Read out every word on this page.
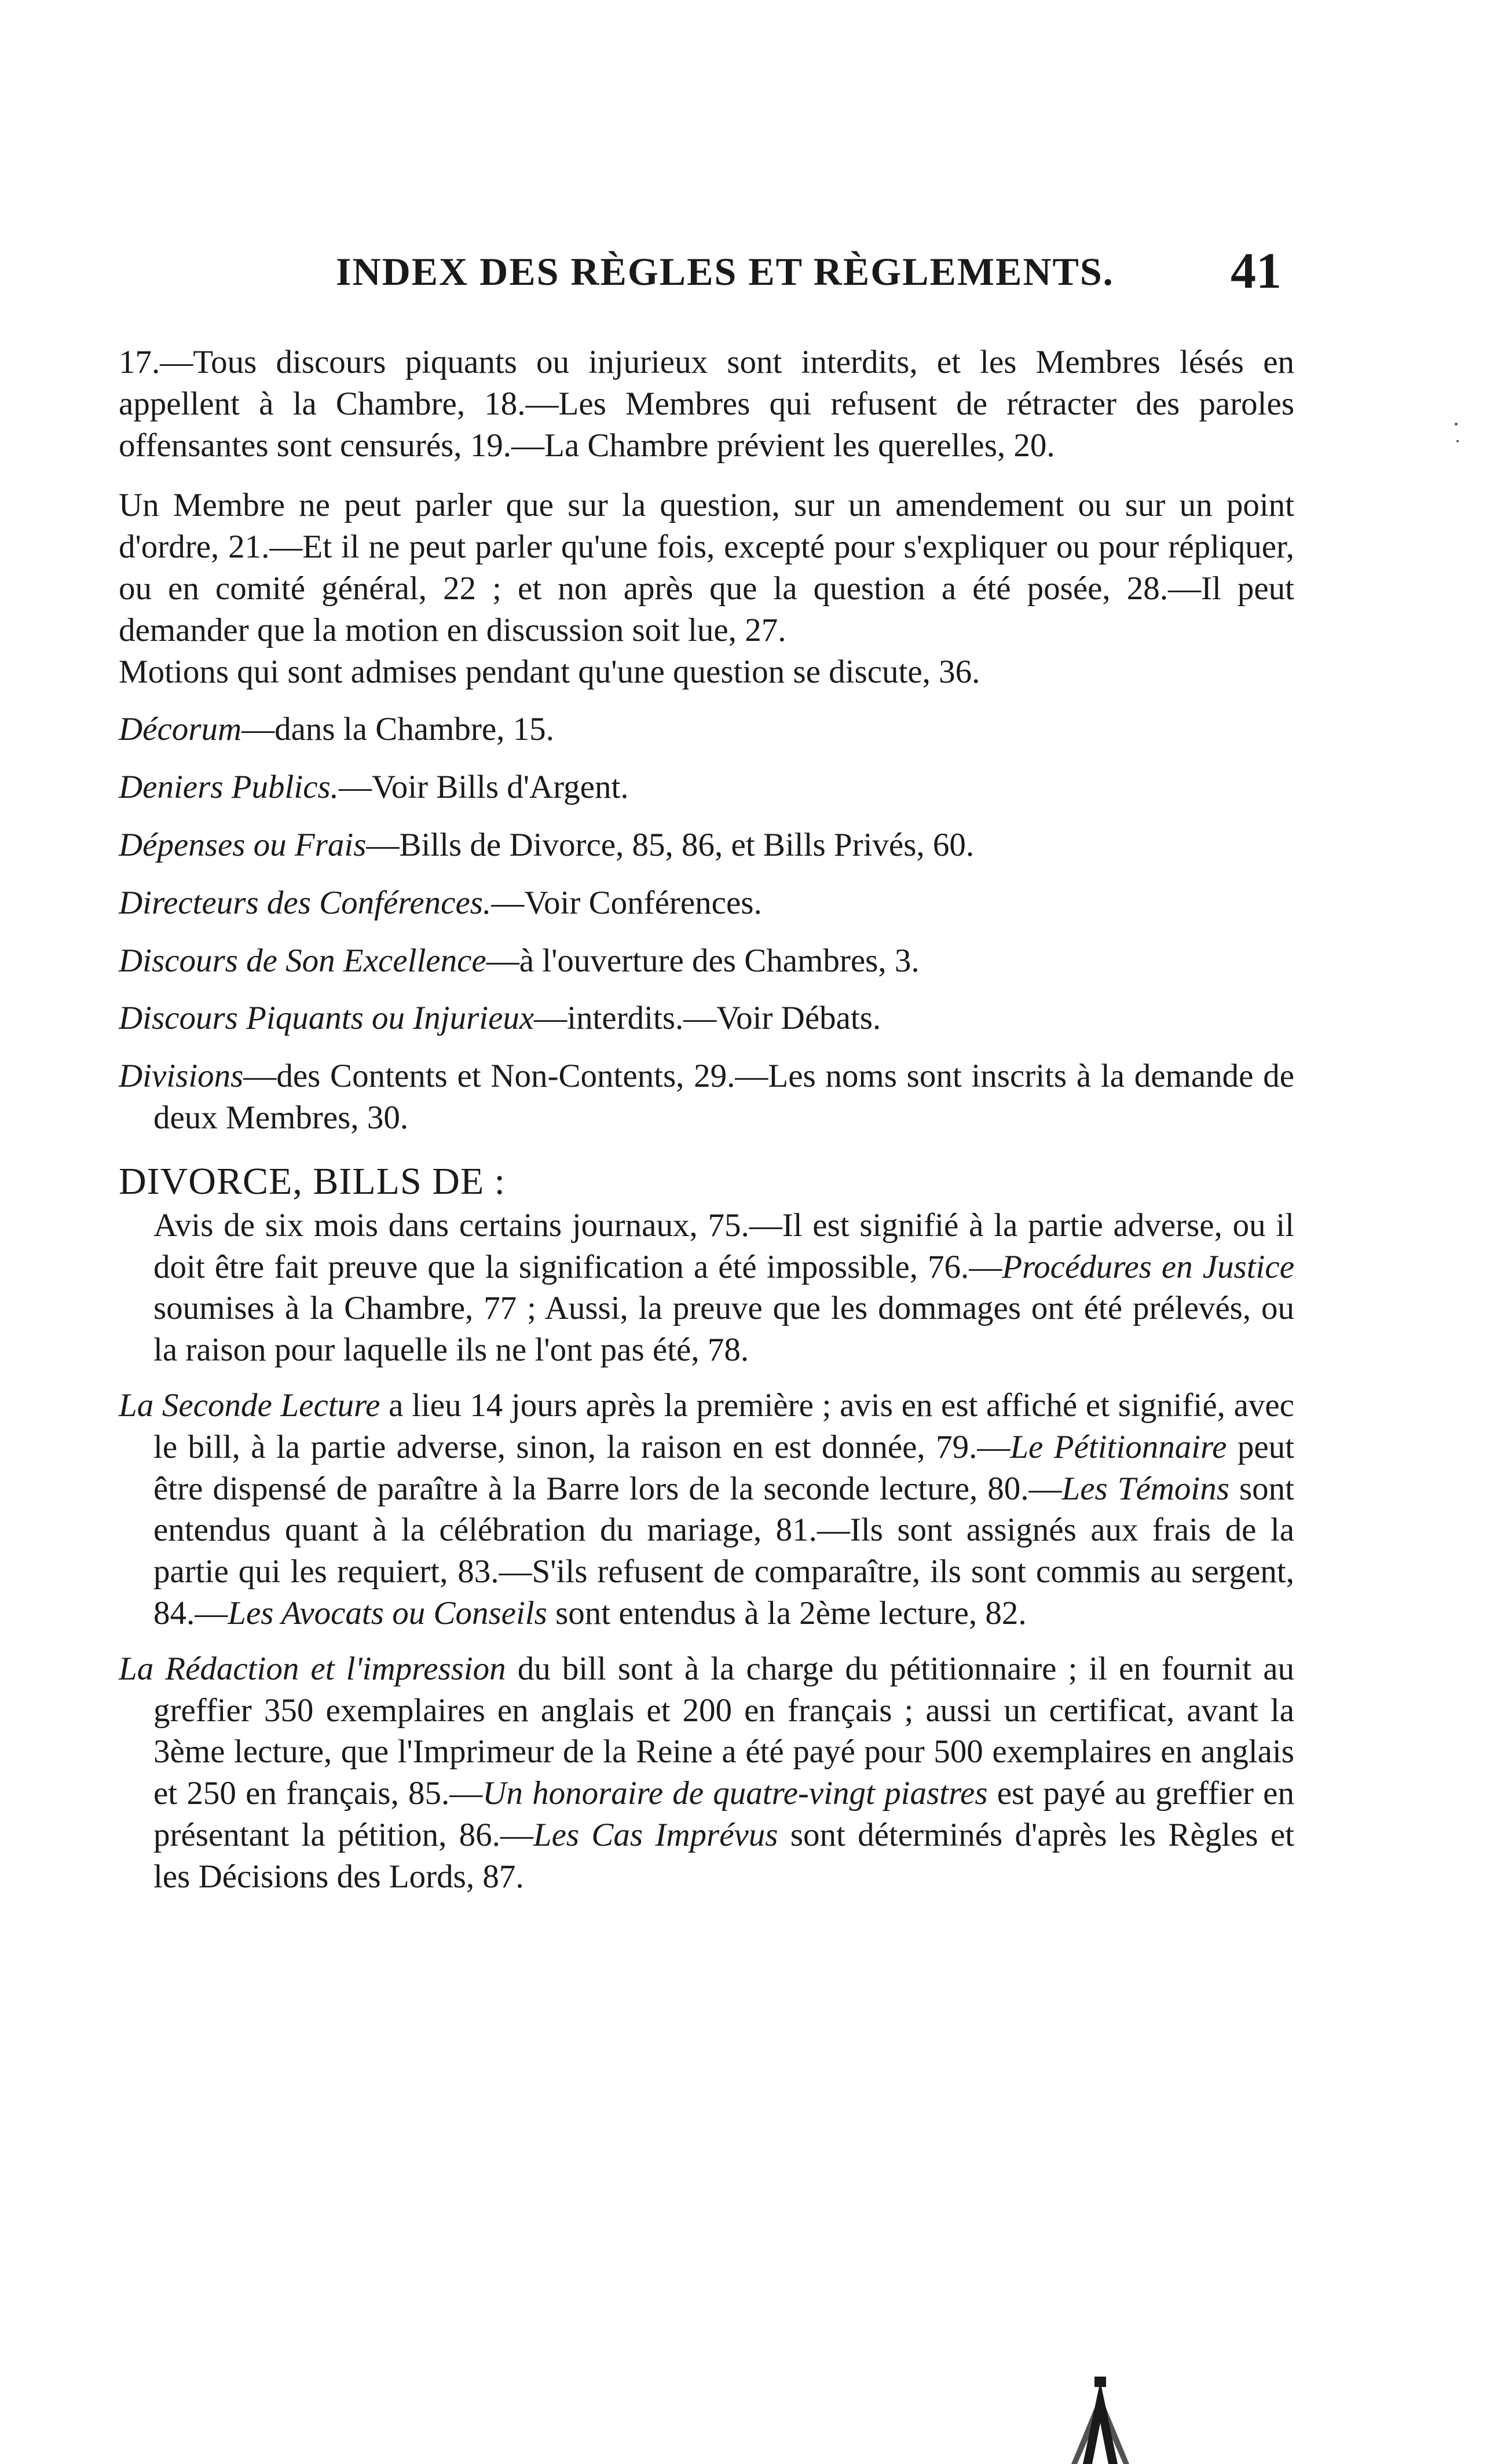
INDEX DES RÈGLES ET RÈGLEMENTS. 41

17.—Tous discours piquants ou injurieux sont interdits, et les Membres lésés en appellent à la Chambre, 18.—Les Membres qui refusent de rétracter des paroles offensantes sont censurés, 19.—La Chambre prévient les querelles, 20.

Un Membre ne peut parler que sur la question, sur un amendement ou sur un point d'ordre, 21.—Et il ne peut parler qu'une fois, excepté pour s'expliquer ou pour répliquer, ou en comité général, 22 ; et non après que la question a été posée, 28.—Il peut demander que la motion en discussion soit lue, 27.

Motions qui sont admises pendant qu'une question se discute, 36.

Décorum—dans la Chambre, 15.
Deniers Publics.—Voir Bills d'Argent.
Dépenses ou Frais—Bills de Divorce, 85, 86, et Bills Privés, 60.
Directeurs des Conférences.—Voir Conférences.
Discours de Son Excellence—à l'ouverture des Chambres, 3.
Discours Piquants ou Injurieux—interdits.—Voir Débats.
Divisions—des Contents et Non-Contents, 29.—Les noms sont inscrits à la demande de deux Membres, 30.
DIVORCE, BILLS DE :

Avis de six mois dans certains journaux, 75.—Il est signifié à la partie adverse, ou il doit être fait preuve que la signification a été impossible, 76.—Procédures en Justice soumises à la Chambre, 77 ; Aussi, la preuve que les dommages ont été prélevés, ou la raison pour laquelle ils ne l'ont pas été, 78.

La Seconde Lecture a lieu 14 jours après la première ; avis en est affiché et signifié, avec le bill, à la partie adverse, sinon, la raison en est donnée, 79.—Le Pétitionnaire peut être dispensé de paraître à la Barre lors de la seconde lecture, 80.—Les Témoins sont entendus quant à la célébration du mariage, 81.—Ils sont assignés aux frais de la partie qui les requiert, 83.—S'ils refusent de comparaître, ils sont commis au sergent, 84.—Les Avocats ou Conseils sont entendus à la 2ème lecture, 82.

La Rédaction et l'impression du bill sont à la charge du pétitionnaire ; il en fournit au greffier 350 exemplaires en anglais et 200 en français ; aussi un certificat, avant la 3ème lecture, que l'Imprimeur de la Reine a été payé pour 500 exemplaires en anglais et 250 en français, 85.—Un honoraire de quatre-vingt piastres est payé au greffier en présentant la pétition, 86.—Les Cas Imprévus sont déterminés d'après les Règles et les Décisions des Lords, 87.
